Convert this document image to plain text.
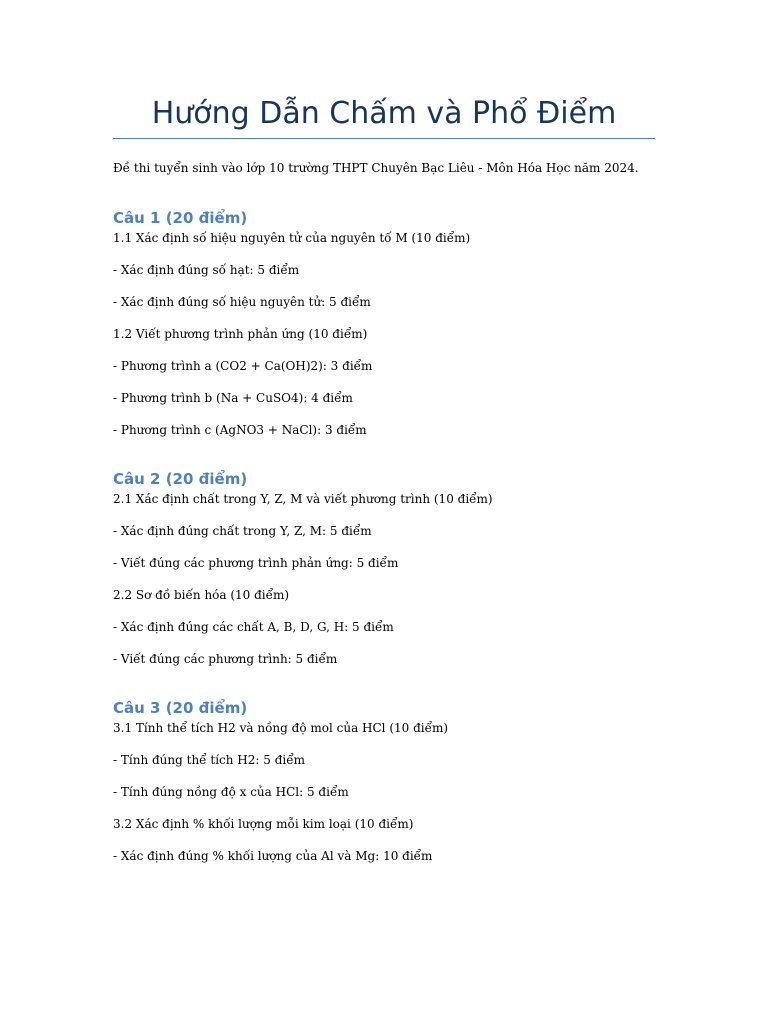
Hướng Dẫn Chấm và Phổ Điểm

Đề thi tuyển sinh vào lớp 10 trường THPT Chuyên Bạc Liêu - Môn Hóa Học năm 2024.

Câu 1 (20 điểm)

1.1 Xác định số hiệu nguyên tử của nguyên tố M (10 điểm)

- Xác định đúng số hạt: 5 điểm

- Xác định đúng số hiệu nguyên tử: 5 điểm

1.2 Viết phương trình phản ứng (10 điểm)

- Phương trình a (CO2 + Ca(OH)2): 3 điểm

- Phương trình b (Na + CuSO4): 4 điểm

- Phương trình c (AgNO3 + NaCl): 3 điểm

Câu 2 (20 điểm)

2.1 Xác định chất trong Y, Z, M và viết phương trình (10 điểm)

- Xác định đúng chất trong Y, Z, M: 5 điểm

- Viết đúng các phương trình phản ứng: 5 điểm

2.2 Sơ đồ biến hóa (10 điểm)

- Xác định đúng các chất A, B, D, G, H: 5 điểm

- Viết đúng các phương trình: 5 điểm

Câu 3 (20 điểm)

3.1 Tính thể tích H2 và nồng độ mol của HCl (10 điểm)

- Tính đúng thể tích H2: 5 điểm

- Tính đúng nồng độ x của HCl: 5 điểm

3.2 Xác định % khối lượng mỗi kim loại (10 điểm)

- Xác định đúng % khối lượng của Al và Mg: 10 điểm
